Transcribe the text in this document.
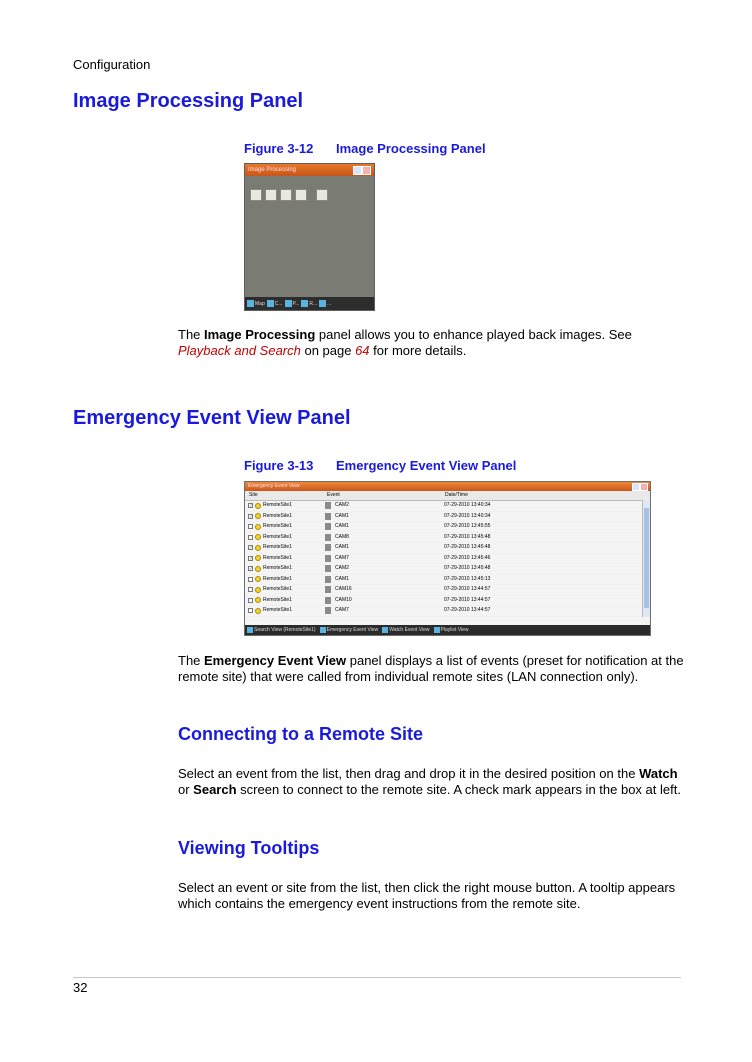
Configuration
Image Processing Panel
Figure 3-12 Image Processing Panel
Image Processing
Map C... P... R... ...

The Image Processing panel allows you to enhance played back images. See Playback and Search on page 64 for more details.

Emergency Event View Panel
Figure 3-13 Emergency Event View Panel
Emergency Event View
Site	Event	Date/Time
✓ RemoteSite1	CAM2	07-29-2010 13:40:34
✓ RemoteSite1	CAM1	07-29-2010 13:40:34
RemoteSite1	CAM1	07-29-2010 13:45:55
RemoteSite1	CAM8	07-29-2010 13:45:48
✓ RemoteSite1	CAM1	07-29-2010 13:45:48
✓ RemoteSite1	CAM7	07-29-2010 13:45:46
✓ RemoteSite1	CAM2	07-29-2010 13:45:48
RemoteSite1	CAM1	07-29-2010 13:45:13
RemoteSite1	CAM16	07-29-2010 13:44:57
RemoteSite1	CAM10	07-29-2010 13:44:57
RemoteSite1	CAM7	07-29-2010 13:44:57
Search View (RemoteSite1) Emergency Event View Watch Event View Playlist View

The Emergency Event View panel displays a list of events (preset for notification at the remote site) that were called from individual remote sites (LAN connection only).

Connecting to a Remote Site

Select an event from the list, then drag and drop it in the desired position on the Watch or Search screen to connect to the remote site. A check mark appears in the box at left.

Viewing Tooltips

Select an event or site from the list, then click the right mouse button. A tooltip appears which contains the emergency event instructions from the remote site.

32
